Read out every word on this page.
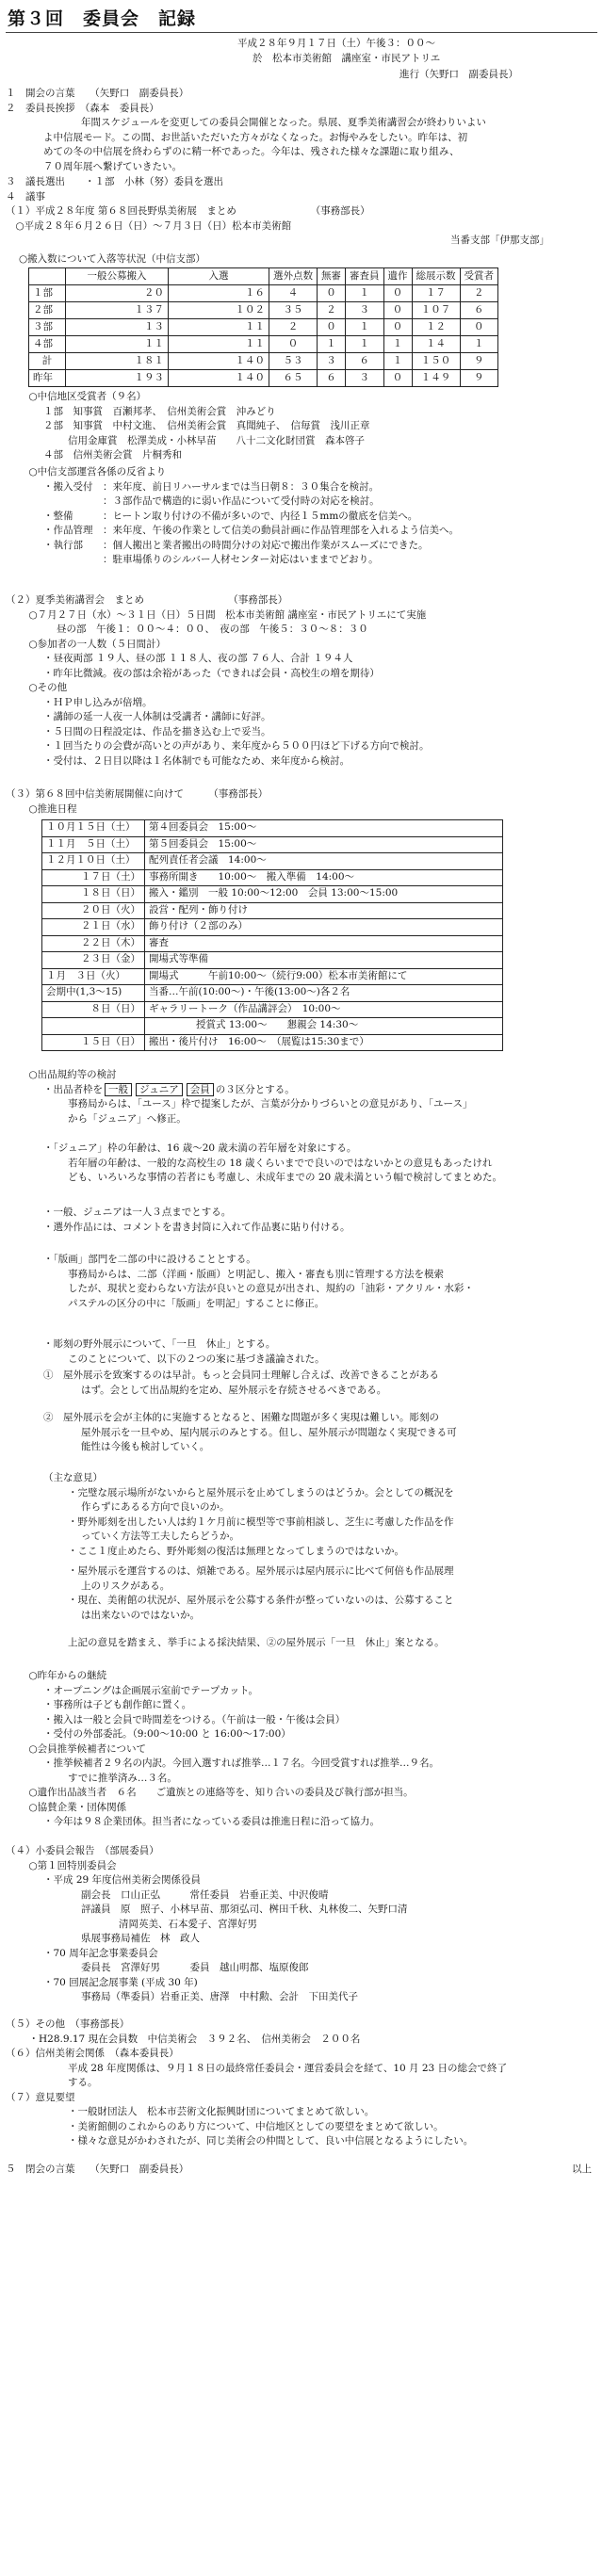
第３回　委員会　記録
平成２８年９月１７日（土）午後３：００～
於　松本市美術館　講座室・市民アトリエ
進行（矢野口　副委員長）
１　開会の言葉　　（矢野口　副委員長）
２　委員長挨拶　（森本　委員長）
年間スケジュールを変更しての委員会開催となった。県展、夏季美術講習会が終わりいよい
よ中信展モード。この間、お世話いただいた方々がなくなった。お悔やみをしたい。昨年は、初
めての冬の中信展を終わらずのに精一杯であった。今年は、残された様々な課題に取り組み、
７０周年展へ繋げていきたい。
３　議長選出　　・１部　小林（努）委員を選出
４　議事
（１）平成２８年度 第６８回長野県美術展　まとめ　　　　　　　　（事務部長）
　○平成２８年６月２６日（日）～７月３日（日）松本市美術館
当番支部「伊那支部」
○搬入数について入落等状況（中信支部）
	一般公募搬入	入選	選外点数	無審	審査員	遺作	総展示数	受賞者
１部	２０	１６	４	０	１	０	１７	２
２部	１３７	１０２	３５	２	３	０	１０７	６
３部	１３	１１	２	０	１	０	１２	０
４部	１１	１１	０	１	１	１	１４	１
計	１８１	１４０	５３	３	６	１	１５０	９
昨年	１９３	１４０	６５	６	３	０	１４９	９
　○中信地区受賞者（９名）
１部　知事賞　百瀬邦孝、　信州美術会賞　沖みどり
２部　知事賞　中村文進、　信州美術会賞　真聞純子、　信毎賞　浅川正章
信用金庫賞　松澤美成・小林早苗　　八十二文化財団賞　森本啓子
４部　信州美術会賞　片桐秀和
　○中信支部運営各係の反省より
・搬入受付　：来年度、前日リハーサルまでは当日朝８：３０集合を検討。
　　　　　　：３部作品で構造的に弱い作品について受付時の対応を検討。
・整備　　　：ヒートン取り付けの不備が多いので、内径１５mmの徹底を信美へ。
・作品管理　：来年度、午後の作業として信美の動員計画に作品管理部を入れるよう信美へ。
・執行部　　：個人搬出と業者搬出の時間分けの対応で搬出作業がスムーズにできた。
　　　　　　：駐車場係りのシルバー人材センター対応はいままでどおり。
（２）夏季美術講習会　まとめ　　　　　　　　　（事務部長）
　○７月２７日（水）～３１日（日）５日間　松本市美術館 講座室・市民アトリエにて実施
昼の部　午後１：００～４：００、　夜の部　午後５：３０～８：３０
　○参加者の一人数（５日間計）
・昼夜両部 １９人、昼の部 １１８人、夜の部 ７６人、合計 １９４人
・昨年比微減。夜の部は余裕があった（できれば会員・高校生の増を期待）
　○その他
・ＨＰ申し込みが倍増。
・講師の延一人夜一人体制は受講者・講師に好評。
・５日間の日程設定は、作品を描き込む上で妥当。
・１回当たりの会費が高いとの声があり、来年度から５００円ほど下げる方向で検討。
・受付は、２日目以降は１名体制でも可能なため、来年度から検討。
（３）第６８回中信美術展開催に向けて　　　（事務部長）
　○推進日程
１０月１５日（土）	第４回委員会　15:00～
１１月　５日（土）	第５回委員会　15:00～
１２月１０日（土）	配列責任者会議　14:00～
１７日（土）	事務所開き　　10:00～　搬入準備　14:00～
１８日（日）	搬入・鑑別　一般 10:00～12:00　会員 13:00～15:00
２０日（火）	設営・配列・飾り付け
２１日（水）	飾り付け（２部のみ）
２２日（木）	審査
２３日（金）	開場式等準備
１月　３日（火）	開場式　　　午前10:00～（続行9:00）松本市美術館にて
会期中(1,3～15)	当番…午前(10:00～)・午後(13:00～)各２名
８日（日）	ギャラリートーク（作品講評会）　10:00～
	授賞式 13:00～　　懇親会 14:30～
１５日（日）	搬出・後片付け　16:00～　（展覧は15:30まで）
　○出品規約等の検討
・出品者枠を 一般 ジュニア 会員 の３区分とする。
事務局からは、「ユース」枠で提案したが、言葉が分かりづらいとの意見があり、「ユース」
から「ジュニア」へ修正。
・「ジュニア」枠の年齢は、16 歳～20 歳未満の若年層を対象にする。
若年層の年齢は、一般的な高校生の 18 歳くらいまでで良いのではないかとの意見もあったけれ
ども、いろいろな事情の若者にも考慮し、未成年までの 20 歳未満という幅で検討してまとめた。
・一般、ジュニアは一人３点までとする。
・選外作品には、コメントを書き封筒に入れて作品裏に貼り付ける。
・「版画」部門を二部の中に設けることとする。
事務局からは、二部（洋画・版画）と明記し、搬入・審査も別に管理する方法を模索
したが、現状と変わらない方法が良いとの意見が出され、規約の「油彩・アクリル・水彩・
パステルの区分の中に「版画」を明記」することに修正。
・彫刻の野外展示について、「一旦　休止」とする。
このことについて、以下の２つの案に基づき議論された。
①　屋外展示を致案するのは早計。もっと会員同士理解し合えば、改善できることがある
はず。会として出品規約を定め、屋外展示を存続させるべきである。
②　屋外展示を会が主体的に実施するとなると、困難な問題が多く実現は難しい。彫刻の
屋外展示を一旦やめ、屋内展示のみとする。但し、屋外展示が問題なく実現できる可
能性は今後も検討していく。
（主な意見）
・完璧な展示場所がないからと屋外展示を止めてしまうのはどうか。会としての概況を
作らずにあるる方向で良いのか。
・野外彫刻を出したい人は約１ケ月前に模型等で事前相談し、芝生に考慮した作品を作
っていく方法等工夫したらどうか。
・ここ１度止めたら、野外彫刻の復活は無理となってしまうのではないか。
・屋外展示を運営するのは、煩雑である。屋外展示は屋内展示に比べて何倍も作品展理
上のリスクがある。
・現在、美術館の状況が、屋外展示を公募する条件が整っていないのは、公募すること
は出来ないのではないか。
上記の意見を踏まえ、挙手による採決結果、②の屋外展示「一旦　休止」案となる。
　○昨年からの継続
・オープニングは企画展示室前でテープカット。
・事務所は子ども創作館に置く。
・搬入は一般と会員で時間差をつける。（午前は一般・午後は会員）
・受付の外部委託。（9:00～10:00 と 16:00～17:00）
　○会員推挙候補者について
・推挙候補者２９名の内訳。今回入選すれば推挙…１７名。今回受賞すれば推挙…９名。
すでに推挙済み…３名。
　○遺作出品該当者　６名　　ご遺族との連絡等を、知り合いの委員及び執行部が担当。
　○協賛企業・団体関係
・今年は９８企業団体。担当者になっている委員は推進日程に沿って協力。
（４）小委員会報告　（部展委員）
　○第１回特別委員会
・平成 29 年度信州美術会関係役員
副会長　口山正弘　　　常任委員　岩垂正美、中沢俊晴
評議員　原　照子、小林早苗、那須弘司、桝田千秋、丸林俊二、矢野口清
清岡英美、石本愛子、宮澤好男
県展事務局補佐　林　政人
・70 周年記念事業委員会
委員長　宮澤好男　　　委員　越山明都、塩原俊郎
・70 回展記念展事業 (平成 30 年)
事務局（準委員）岩垂正美、唐澤　中村勲、会計　下田美代子
（５）その他　（事務部長）
　・H28.9.17 現在会員数　中信美術会　３９２名、　信州美術会　２００名
（６）信州美術会関係　（森本委員長）
平成 28 年度関係は、９月１８日の最終常任委員会・運営委員会を経て、10 月 23 日の総会で終了
する。
（７）意見要望
・一般財団法人　松本市芸術文化振興財団についてまとめて欲しい。
・美術館側のこれからのあり方について、中信地区としての要望をまとめて欲しい。
・様々な意見がかわされたが、同じ美術会の仲間として、良い中信展となるようにしたい。
５　閉会の言葉　　（矢野口　副委員長）	以上
